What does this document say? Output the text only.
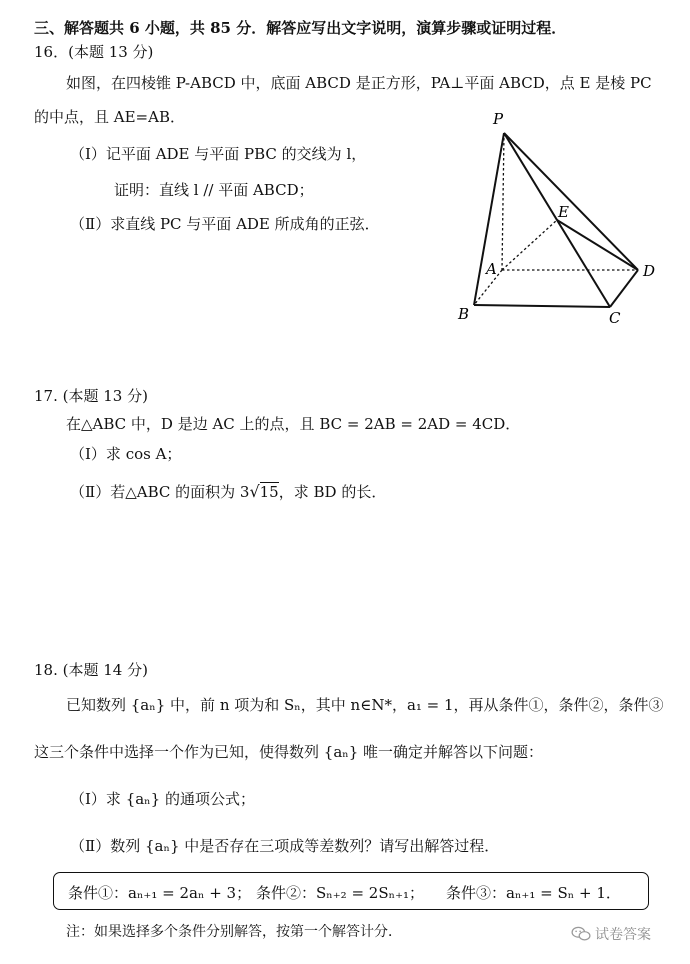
三、解答题共 6 小题，共 85 分．解答应写出文字说明，演算步骤或证明过程．
16．(本题 13 分)
如图，在四棱锥 P-ABCD 中，底面 ABCD 是正方形，PA⊥平面 ABCD，点 E 是棱 PC
的中点，且 AE=AB．
（Ⅰ）记平面 ADE 与平面 PBC 的交线为 l，
证明：直线 l // 平面 ABCD；
（Ⅱ）求直线 PC 与平面 ADE 所成角的正弦．
P
E
A	D
B	C
17. (本题 13 分)
在△ABC 中，D 是边 AC 上的点，且 BC = 2AB = 2AD = 4CD．
（Ⅰ）求 cos A；
（Ⅱ）若△ABC 的面积为 3√15，求 BD 的长．
18. (本题 14 分)
已知数列 {aₙ} 中，前 n 项为和 Sₙ，其中 n∈N*，a₁ = 1，再从条件①，条件②，条件③
这三个条件中选择一个作为已知，使得数列 {aₙ} 唯一确定并解答以下问题：
（Ⅰ）求 {aₙ} 的通项公式；
（Ⅱ）数列 {aₙ} 中是否存在三项成等差数列？请写出解答过程．
条件①：aₙ₊₁ = 2aₙ + 3； 条件②：Sₙ₊₂ = 2Sₙ₊₁； 条件③：aₙ₊₁ = Sₙ + 1．
注：如果选择多个条件分别解答，按第一个解答计分．	试卷答案
